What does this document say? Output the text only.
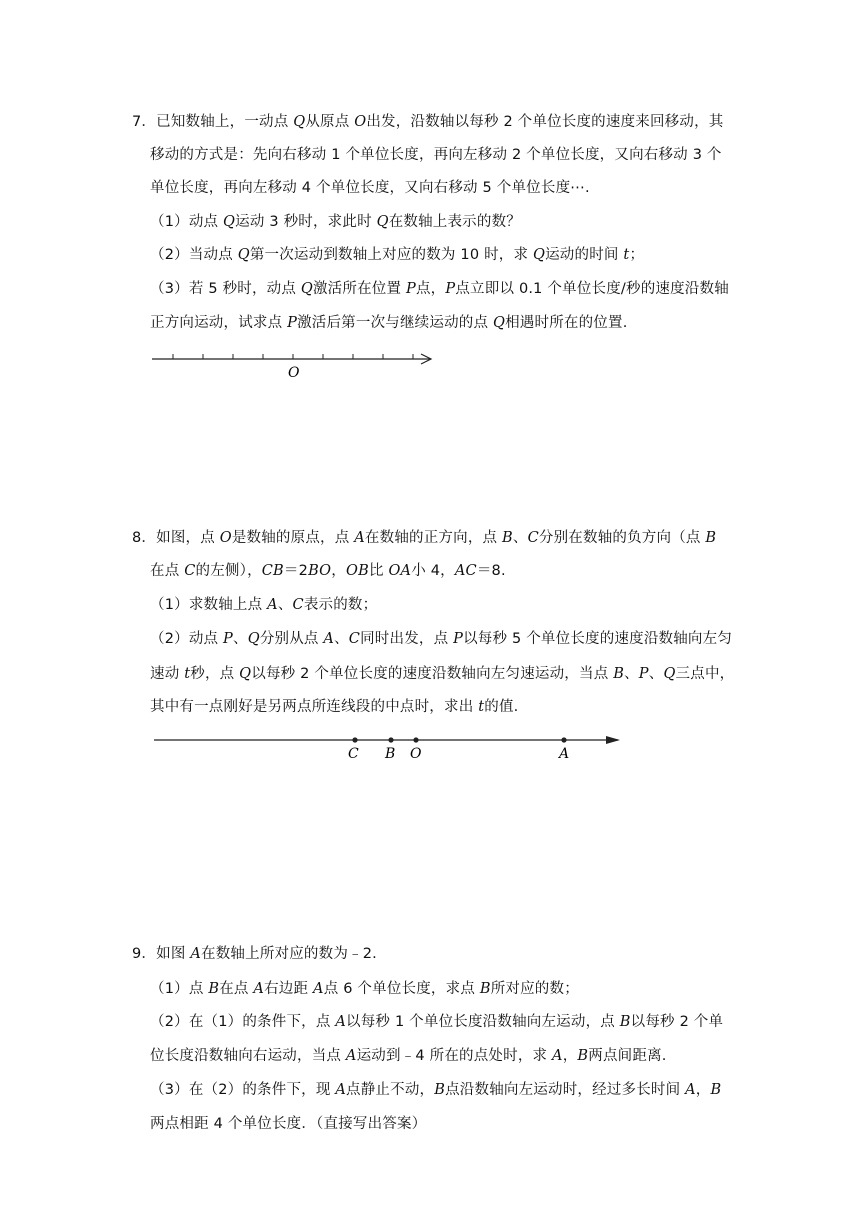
7．已知数轴上，一动点 Q从原点 O出发，沿数轴以每秒 2 个单位长度的速度来回移动，其
移动的方式是：先向右移动 1 个单位长度，再向左移动 2 个单位长度，又向右移动 3 个
单位长度，再向左移动 4 个单位长度，又向右移动 5 个单位长度⋯.
（1）动点 Q运动 3 秒时，求此时 Q在数轴上表示的数？
（2）当动点 Q第一次运动到数轴上对应的数为 10 时，求 Q运动的时间 t；
（3）若 5 秒时，动点 Q激活所在位置 P点，P点立即以 0.1 个单位长度/秒的速度沿数轴
正方向运动，试求点 P激活后第一次与继续运动的点 Q相遇时所在的位置.
O
8．如图，点 O是数轴的原点，点 A在数轴的正方向，点 B、C分别在数轴的负方向（点 B
在点 C的左侧），CB＝2BO，OB比 OA小 4，AC＝8.
（1）求数轴上点 A、C表示的数；
（2）动点 P、Q分别从点 A、C同时出发，点 P以每秒 5 个单位长度的速度沿数轴向左匀
速动 t秒，点 Q以每秒 2 个单位长度的速度沿数轴向左匀速运动，当点 B、P、Q三点中，
其中有一点刚好是另两点所连线段的中点时，求出 t的值.
C B O	A
9．如图 A在数轴上所对应的数为﹣2.
（1）点 B在点 A右边距 A点 6 个单位长度，求点 B所对应的数；
（2）在（1）的条件下，点 A以每秒 1 个单位长度沿数轴向左运动，点 B以每秒 2 个单
位长度沿数轴向右运动，当点 A运动到﹣4 所在的点处时，求 A，B两点间距离.
（3）在（2）的条件下，现 A点静止不动，B点沿数轴向左运动时，经过多长时间 A，B
两点相距 4 个单位长度．（直接写出答案）
